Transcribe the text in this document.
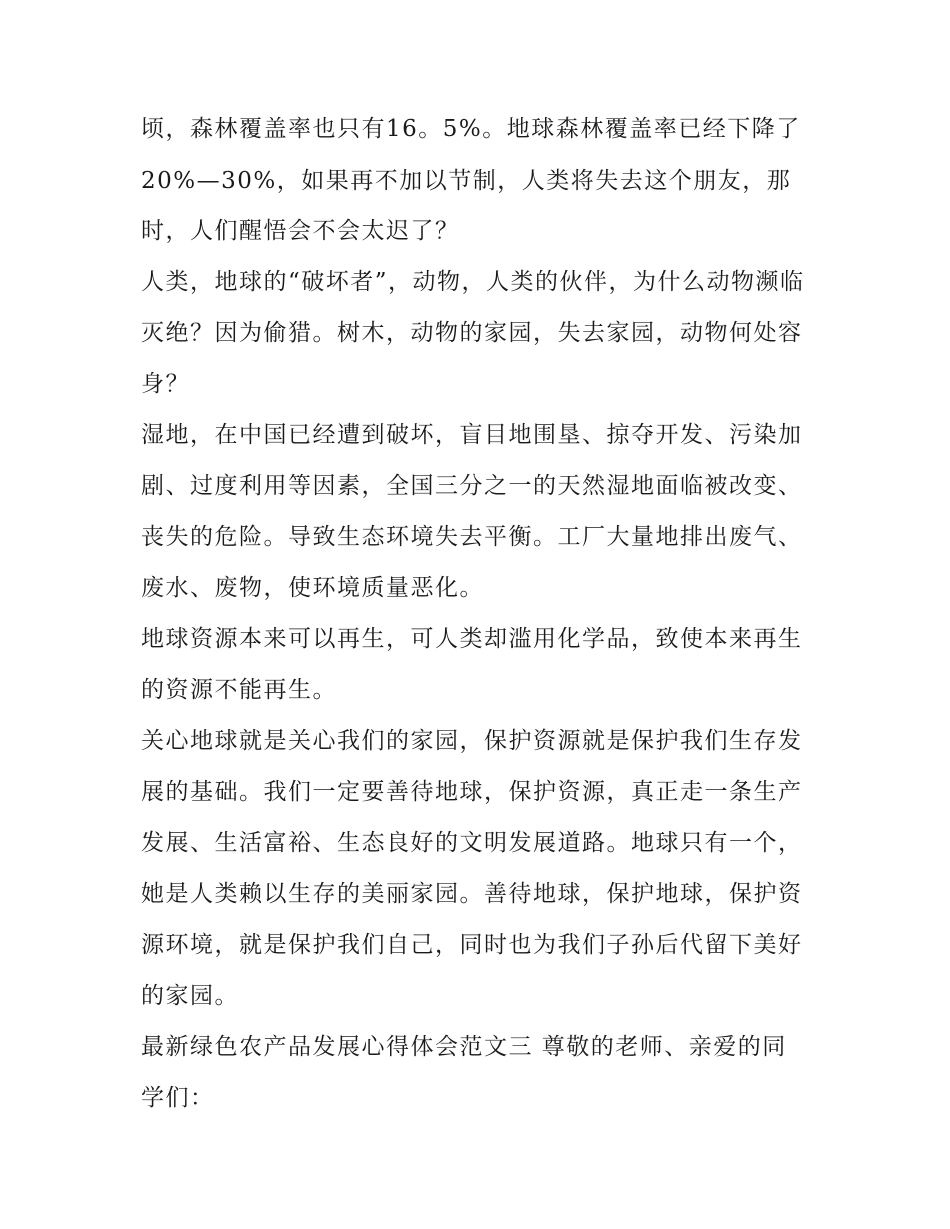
顷，森林覆盖率也只有16。5%。地球森林覆盖率已经下降了

20%—30%，如果再不加以节制，人类将失去这个朋友，那

时，人们醒悟会不会太迟了？

人类，地球的“破坏者”，动物，人类的伙伴，为什么动物濒临

灭绝？因为偷猎。树木，动物的家园，失去家园，动物何处容

身？

湿地，在中国已经遭到破坏，盲目地围垦、掠夺开发、污染加

剧、过度利用等因素，全国三分之一的天然湿地面临被改变、

丧失的危险。导致生态环境失去平衡。工厂大量地排出废气、

废水、废物，使环境质量恶化。

地球资源本来可以再生，可人类却滥用化学品，致使本来再生

的资源不能再生。

关心地球就是关心我们的家园，保护资源就是保护我们生存发

展的基础。我们一定要善待地球，保护资源，真正走一条生产

发展、生活富裕、生态良好的文明发展道路。地球只有一个，

她是人类赖以生存的美丽家园。善待地球，保护地球，保护资

源环境，就是保护我们自己，同时也为我们子孙后代留下美好

的家园。

最新绿色农产品发展心得体会范文三 尊敬的老师、亲爱的同

学们：
